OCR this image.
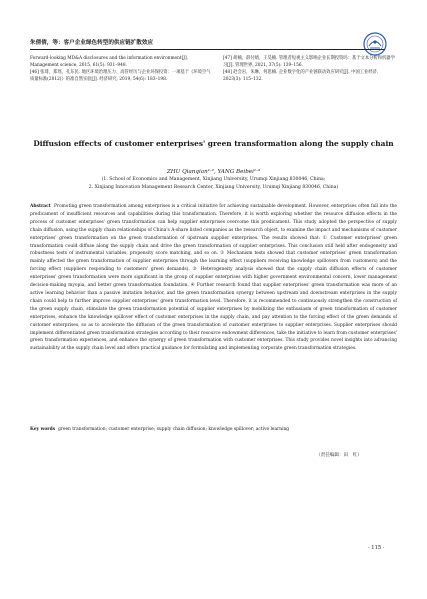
朱倩倩，等：客户企业绿色转型的供应链扩散效应
Forward-looking MD&A disclosures and the information environment[J]. Management science, 2015, 61(5): 931–948.
[46] 张琦，郑瑶，孔东民. 地区环境治理压力、高管经历与企业环保投资：一项基于《环境空气质量标准(2012)》的准自然实验[J]. 经济研究, 2019, 54(6): 183–198.
[47] 胡楠，薛付婧，王昊楠. 管理者短视主义影响企业长期投资吗：基于文本分析和机器学习[J]. 管理世界, 2021, 37(5): 139–156.
[48] 赵会岩，朱琳，何思楠. 企业数字化的产业链联动效应研究[J]. 中国工业经济, 2023(3): 115–132.
Diffusion effects of customer enterprises' green transformation along the supply chain
ZHU Qianqian¹·², YANG Beibei¹·³
(1. School of Economics and Management, Xinjiang University, Urumqi Xinjiang 830046, China;
2. Xinjiang Innovation Management Research Center, Xinjiang University, Urumqi Xinjiang 830046, China)
Abstract Promoting green transformation among enterprises is a critical initiative for achieving sustainable development. However, enterprises often fall into the predicament of insufficient resources and capabilities during this transformation. Therefore, it is worth exploring whether the resource diffusion effects in the process of customer enterprises' green transformation can help supplier enterprises overcome this predicament. This study adopted the perspective of supply chain diffusion, using the supply chain relationships of China's A-share listed companies as the research object, to examine the impact and mechanisms of customer enterprises' green transformation on the green transformation of upstream supplier enterprises. The results showed that: ① Customer enterprises' green transformation could diffuse along the supply chain and drive the green transformation of supplier enterprises. This conclusion still held after endogeneity and robustness tests of instrumental variables, propensity score matching, and so on. ② Mechanism tests showed that customer enterprises' green transformation mainly affected the green transformation of supplier enterprises through the learning effect (suppliers receiving knowledge spillovers from customers) and the forcing effect (suppliers responding to customers' green demands). ③ Heterogeneity analysis showed that the supply chain diffusion effects of customer enterprises' green transformation were more significant in the group of supplier enterprises with higher government environmental concern, lower management decision-making myopia, and better green transformation foundation. ④ Further research found that supplier enterprises' green transformation was more of an active learning behavior than a passive imitation behavior, and the green transformation synergy between upstream and downstream enterprises in the supply chain could help to further improve supplier enterprises' green transformation level. Therefore, it is recommended to continuously strengthen the construction of the green supply chain, stimulate the green transformation potential of supplier enterprises by mobilizing the enthusiasm of green transformation of customer enterprises, enhance the knowledge spillover effect of customer enterprises in the supply chain, and pay attention to the forcing effect of the green demands of customer enterprises, so as to accelerate the diffusion of the green transformation of customer enterprises to supplier enterprises. Supplier enterprises should implement differentiated green transformation strategies according to their resource endowment differences, take the initiative to learn from customer enterprises' green transformation experiences, and enhance the synergy of green transformation with customer enterprises. This study provides novel insights into advancing sustainability at the supply chain level and offers practical guidance for formulating and implementing corporate green transformation strategies.
Key words green transformation; customer enterprise; supply chain diffusion; knowledge spillover; active learning
（责任编辑：田　红）
· 115 ·
